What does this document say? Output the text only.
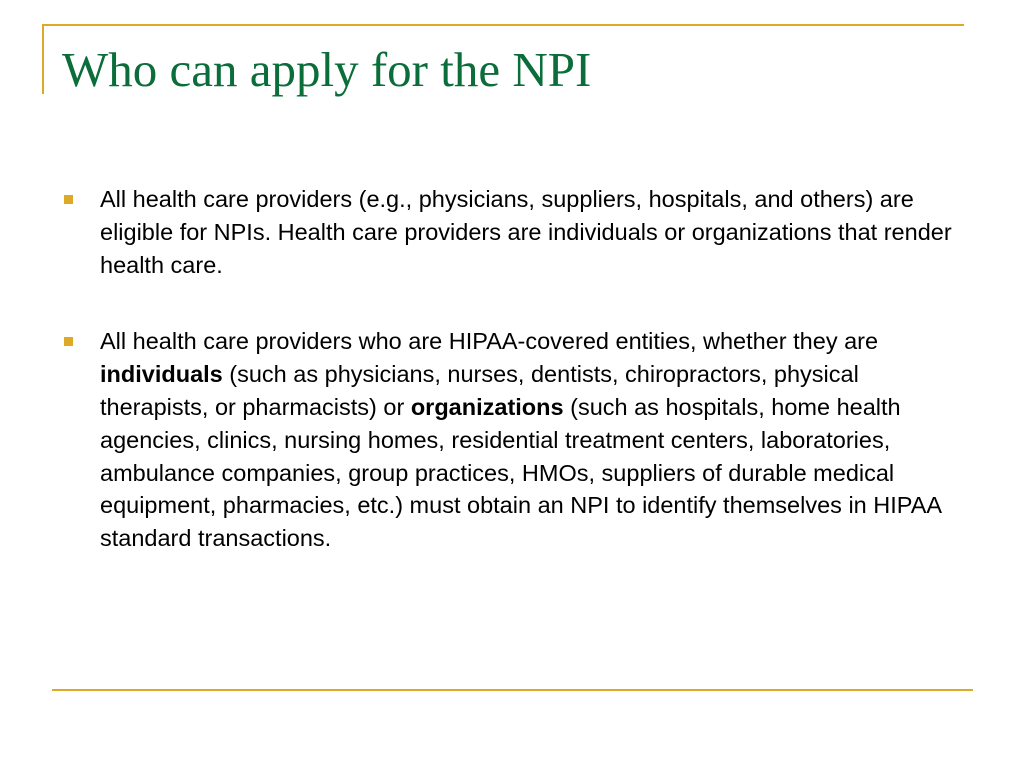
Who can apply for the NPI
All health care providers (e.g., physicians, suppliers, hospitals, and others) are eligible for NPIs. Health care providers are individuals or organizations that render health care.
All health care providers who are HIPAA-covered entities, whether they are individuals (such as physicians, nurses, dentists, chiropractors, physical therapists, or pharmacists) or organizations (such as hospitals, home health agencies, clinics, nursing homes, residential treatment centers, laboratories, ambulance companies, group practices, HMOs, suppliers of durable medical equipment, pharmacies, etc.) must obtain an NPI to identify themselves in HIPAA standard transactions.
